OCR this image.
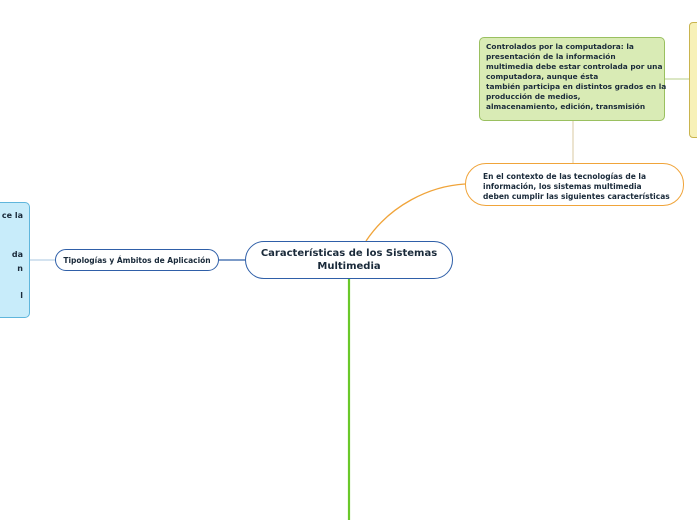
ce la
da
n
l
Tipologías y Ámbitos de Aplicación
Características de los Sistemas
Multimedia
En el contexto de las tecnologías de la
información, los sistemas multimedia
deben cumplir las siguientes características
Controlados por la computadora: la
presentación de la información
multimedia debe estar controlada por una
computadora, aunque ésta
también participa en distintos grados en la
producción de medios,
almacenamiento, edición, transmisión
